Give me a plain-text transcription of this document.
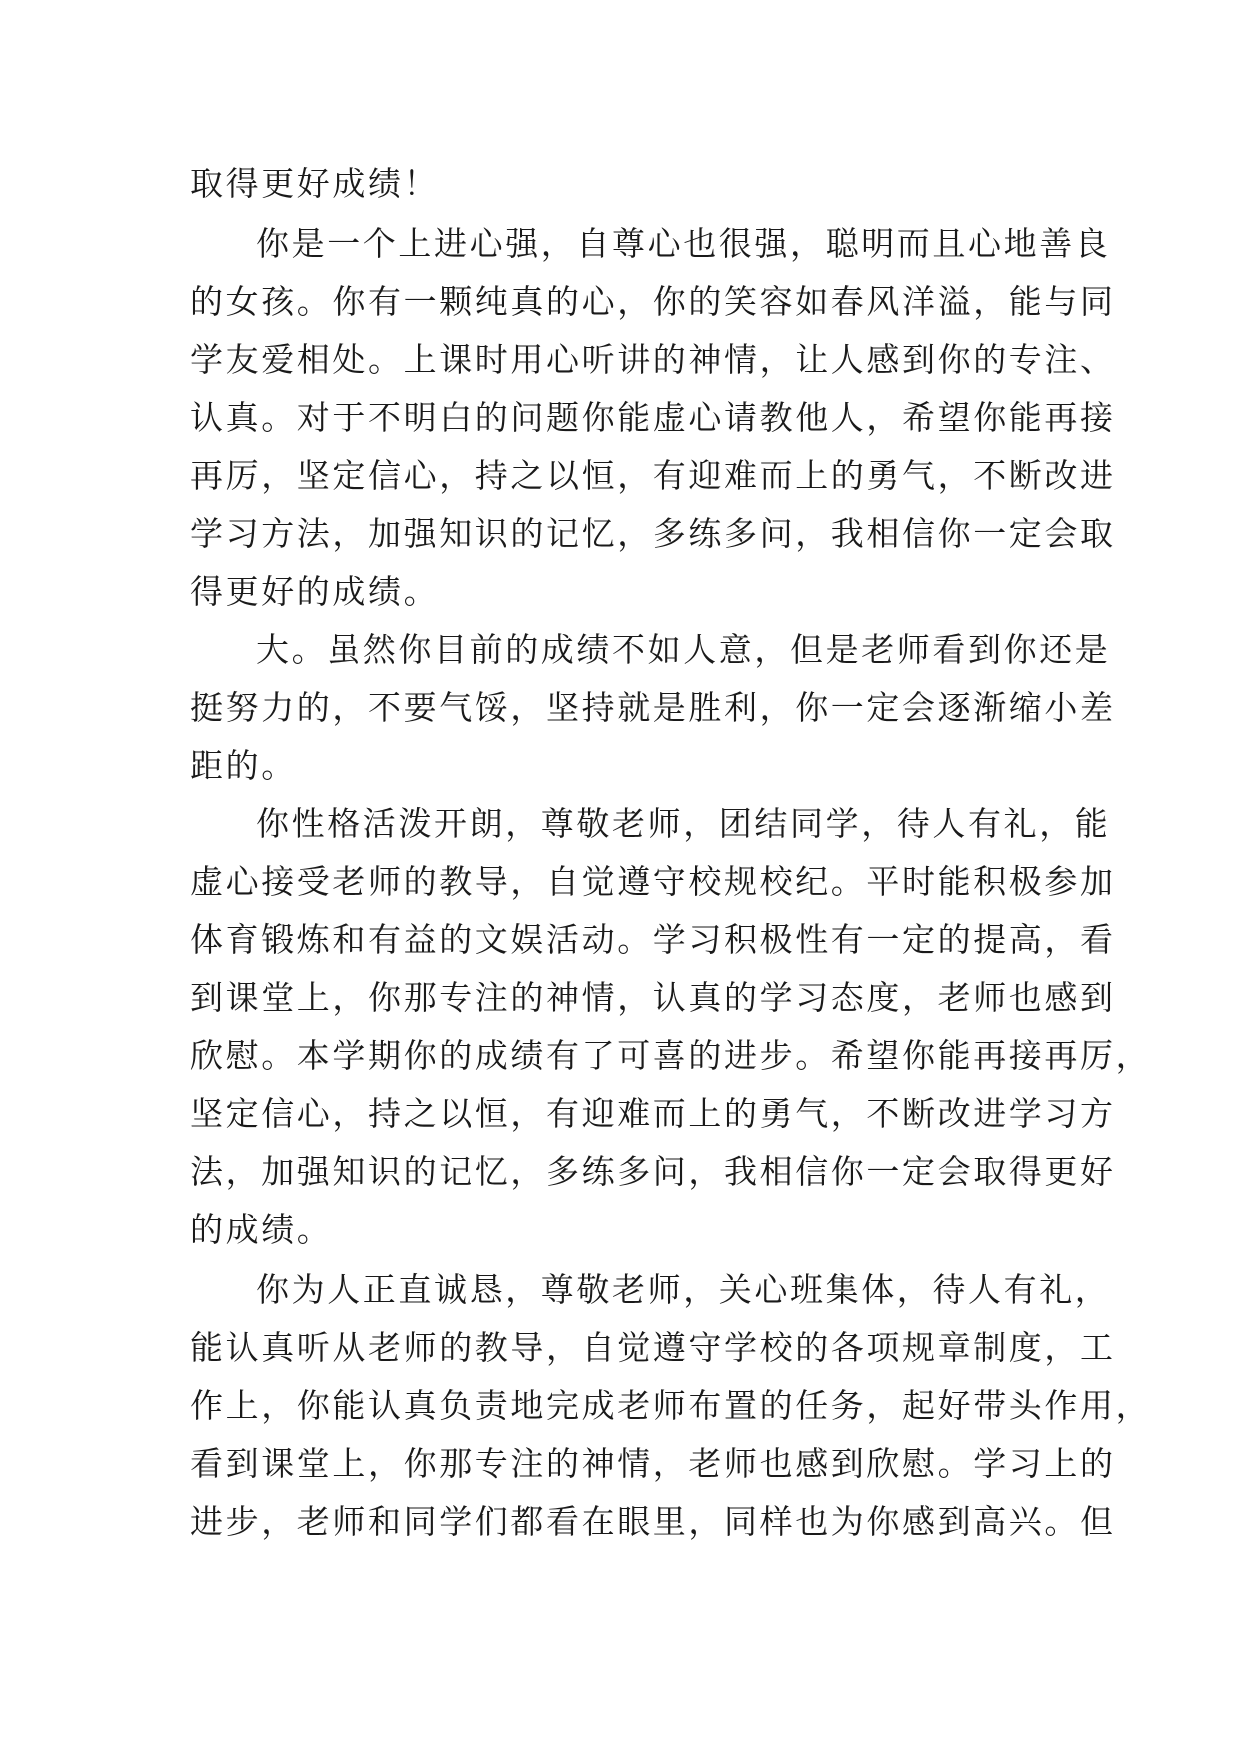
取得更好成绩！

你是一个上进心强，自尊心也很强，聪明而且心地善良

的女孩。你有一颗纯真的心，你的笑容如春风洋溢，能与同

学友爱相处。上课时用心听讲的神情，让人感到你的专注、

认真。对于不明白的问题你能虚心请教他人，希望你能再接

再厉，坚定信心，持之以恒，有迎难而上的勇气，不断改进

学习方法，加强知识的记忆，多练多问，我相信你一定会取

得更好的成绩。

大。虽然你目前的成绩不如人意，但是老师看到你还是

挺努力的，不要气馁，坚持就是胜利，你一定会逐渐缩小差

距的。

你性格活泼开朗，尊敬老师，团结同学，待人有礼，能

虚心接受老师的教导，自觉遵守校规校纪。平时能积极参加

体育锻炼和有益的文娱活动。学习积极性有一定的提高，看

到课堂上，你那专注的神情，认真的学习态度，老师也感到

欣慰。本学期你的成绩有了可喜的进步。希望你能再接再厉，

坚定信心，持之以恒，有迎难而上的勇气，不断改进学习方

法，加强知识的记忆，多练多问，我相信你一定会取得更好

的成绩。

你为人正直诚恳，尊敬老师，关心班集体，待人有礼，

能认真听从老师的教导，自觉遵守学校的各项规章制度，工

作上，你能认真负责地完成老师布置的任务，起好带头作用，

看到课堂上，你那专注的神情，老师也感到欣慰。学习上的

进步，老师和同学们都看在眼里，同样也为你感到高兴。但
